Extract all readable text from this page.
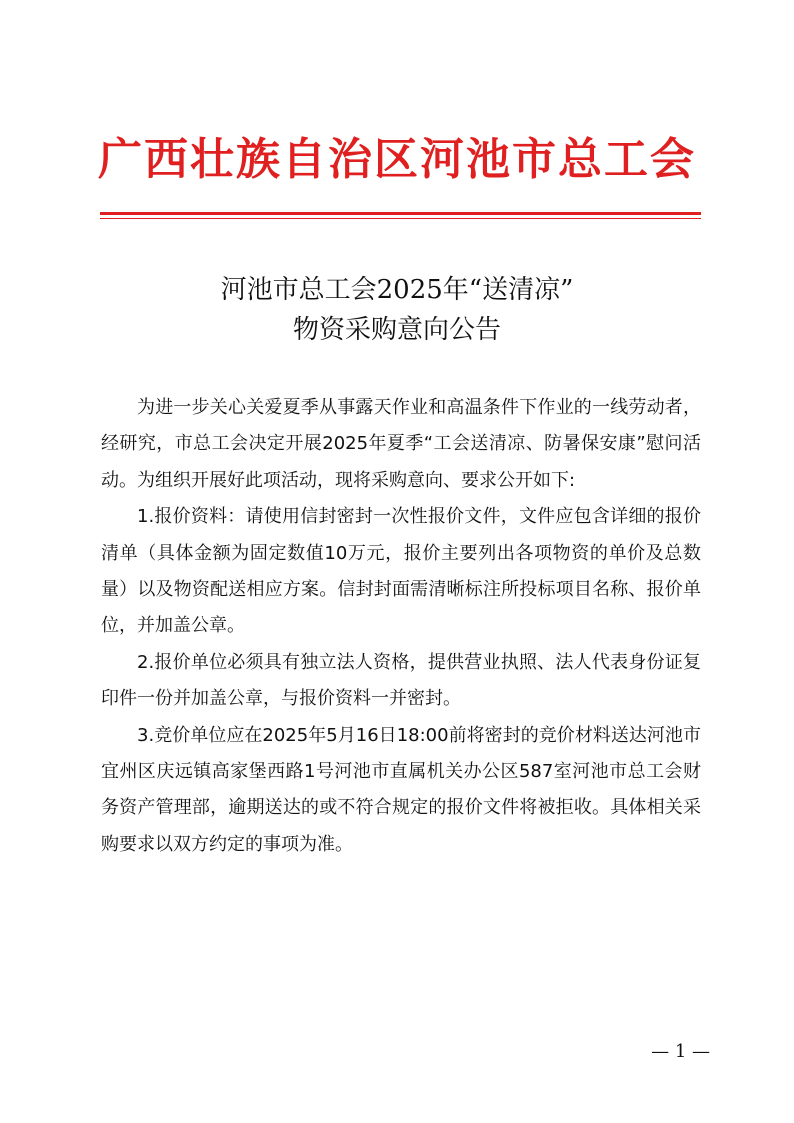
广西壮族自治区河池市总工会
河池市总工会2025年“送清凉”
物资采购意向公告

为进一步关心关爱夏季从事露天作业和高温条件下作业的一线劳动者，经研究，市总工会决定开展2025年夏季“工会送清凉、防暑保安康”慰问活动。为组织开展好此项活动，现将采购意向、要求公开如下:

1.报价资料：请使用信封密封一次性报价文件，文件应包含详细的报价清单（具体金额为固定数值10万元，报价主要列出各项物资的单价及总数量）以及物资配送相应方案。信封封面需清晰标注所投标项目名称、报价单位，并加盖公章。

2.报价单位必须具有独立法人资格，提供营业执照、法人代表身份证复印件一份并加盖公章，与报价资料一并密封。

3.竞价单位应在2025年5月16日18:00前将密封的竞价材料送达河池市宜州区庆远镇高家堡西路1号河池市直属机关办公区587室河池市总工会财务资产管理部，逾期送达的或不符合规定的报价文件将被拒收。具体相关采购要求以双方约定的事项为准。

— 1 —
